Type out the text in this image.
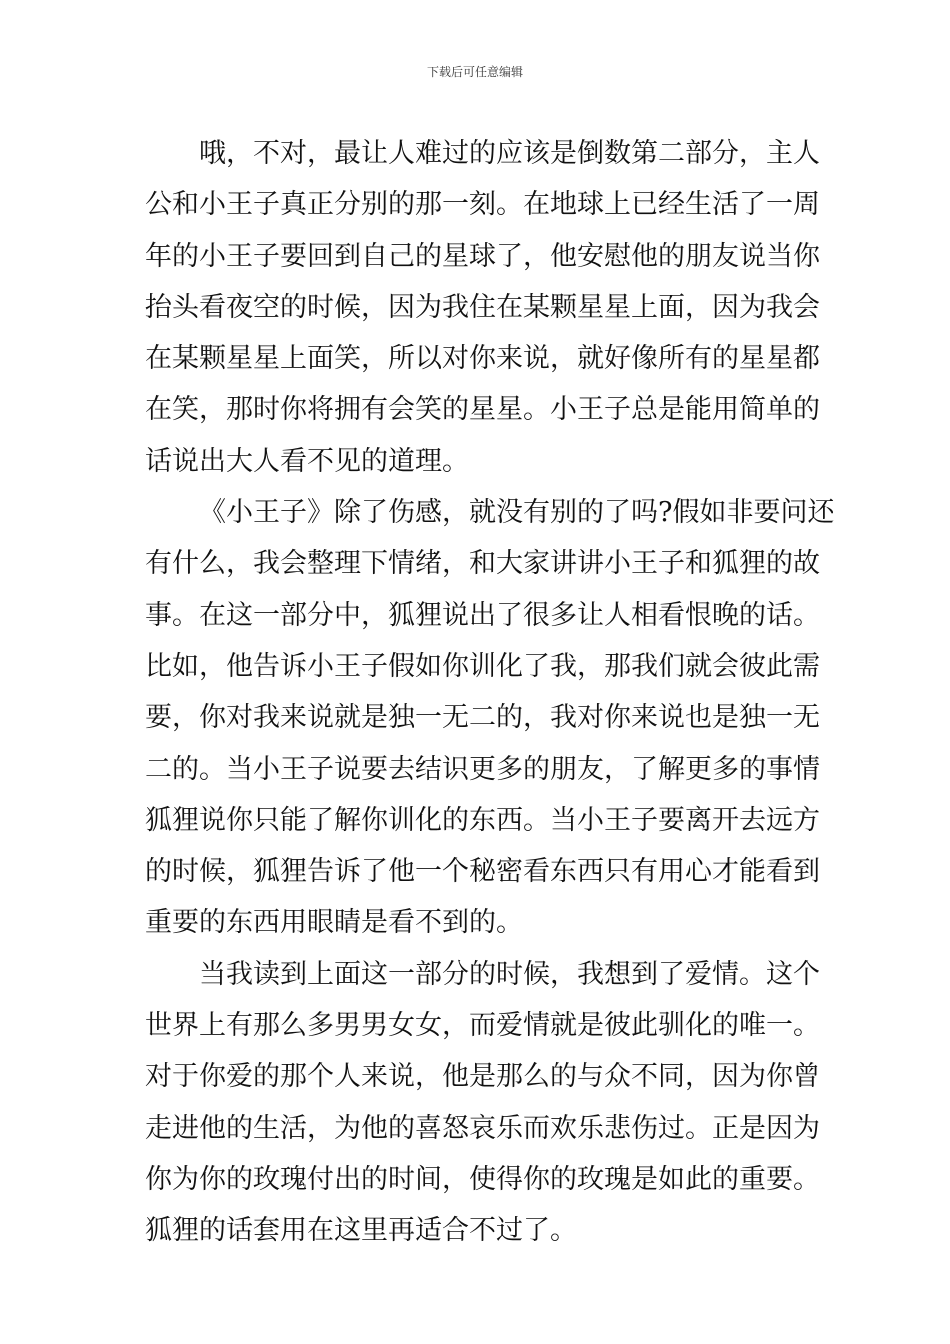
下载后可任意编辑
哦，不对，最让人难过的应该是倒数第二部分，主人
公和小王子真正分别的那一刻。在地球上已经生活了一周
年的小王子要回到自己的星球了，他安慰他的朋友说当你
抬头看夜空的时候，因为我住在某颗星星上面，因为我会
在某颗星星上面笑，所以对你来说，就好像所有的星星都
在笑，那时你将拥有会笑的星星。小王子总是能用简单的
话说出大人看不见的道理。
《小王子》除了伤感，就没有别的了吗?假如非要问还
有什么，我会整理下情绪，和大家讲讲小王子和狐狸的故
事。在这一部分中，狐狸说出了很多让人相看恨晚的话。
比如，他告诉小王子假如你训化了我，那我们就会彼此需
要，你对我来说就是独一无二的，我对你来说也是独一无
二的。当小王子说要去结识更多的朋友，了解更多的事情
狐狸说你只能了解你训化的东西。当小王子要离开去远方
的时候，狐狸告诉了他一个秘密看东西只有用心才能看到
重要的东西用眼睛是看不到的。
当我读到上面这一部分的时候，我想到了爱情。这个
世界上有那么多男男女女，而爱情就是彼此驯化的唯一。
对于你爱的那个人来说，他是那么的与众不同，因为你曾
走进他的生活，为他的喜怒哀乐而欢乐悲伤过。正是因为
你为你的玫瑰付出的时间，使得你的玫瑰是如此的重要。
狐狸的话套用在这里再适合不过了。
